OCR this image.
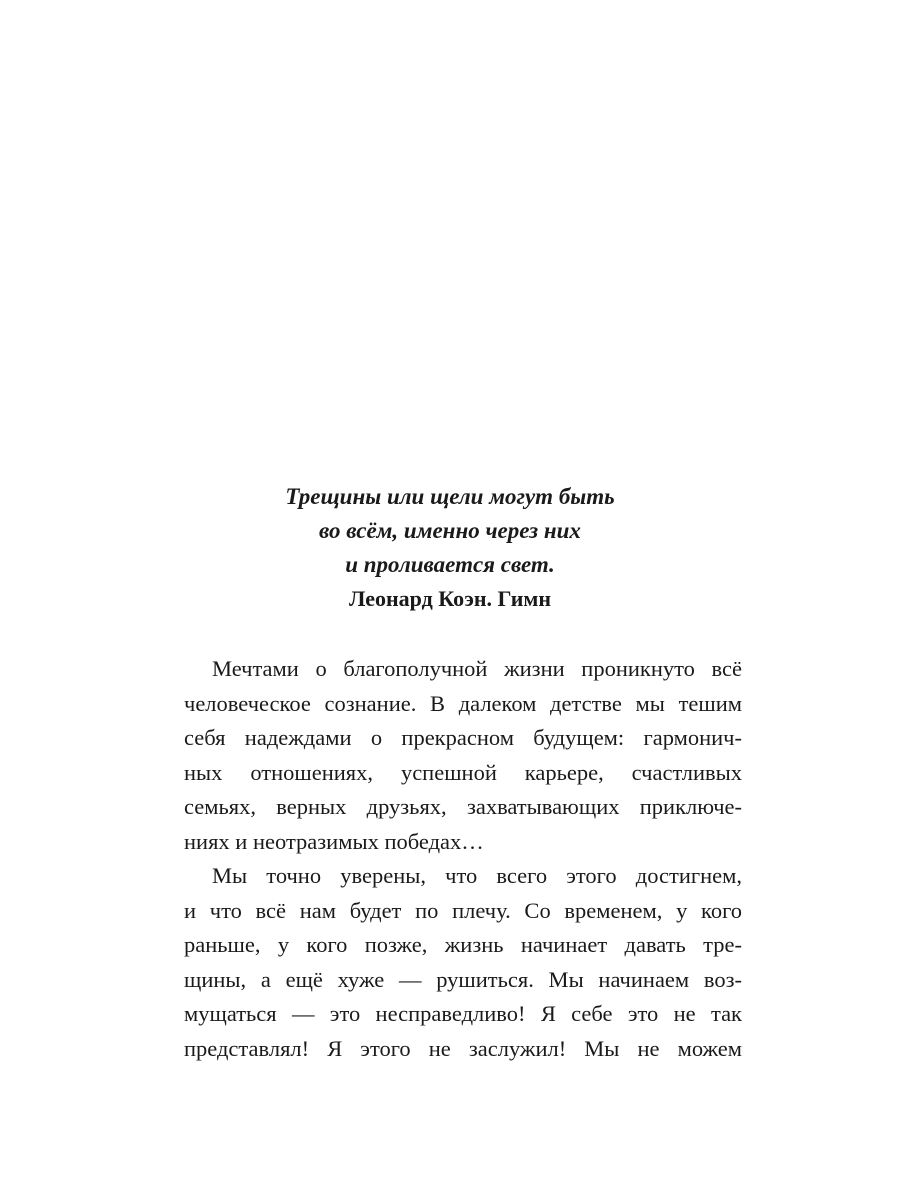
Трещины или щели могут быть
во всём, именно через них
и проливается свет.
Леонард Коэн. Гимн
Мечтами о благополучной жизни проникнуто всё
человеческое сознание. В далеком детстве мы тешим
себя надеждами о прекрасном будущем: гармонич-
ных отношениях, успешной карьере, счастливых
семьях, верных друзьях, захватывающих приключе-
ниях и неотразимых победах…
Мы точно уверены, что всего этого достигнем,
и что всё нам будет по плечу. Со временем, у кого
раньше, у кого позже, жизнь начинает давать тре-
щины, а ещё хуже — рушиться. Мы начинаем воз-
мущаться — это несправедливо! Я себе это не так
представлял! Я этого не заслужил! Мы не можем
